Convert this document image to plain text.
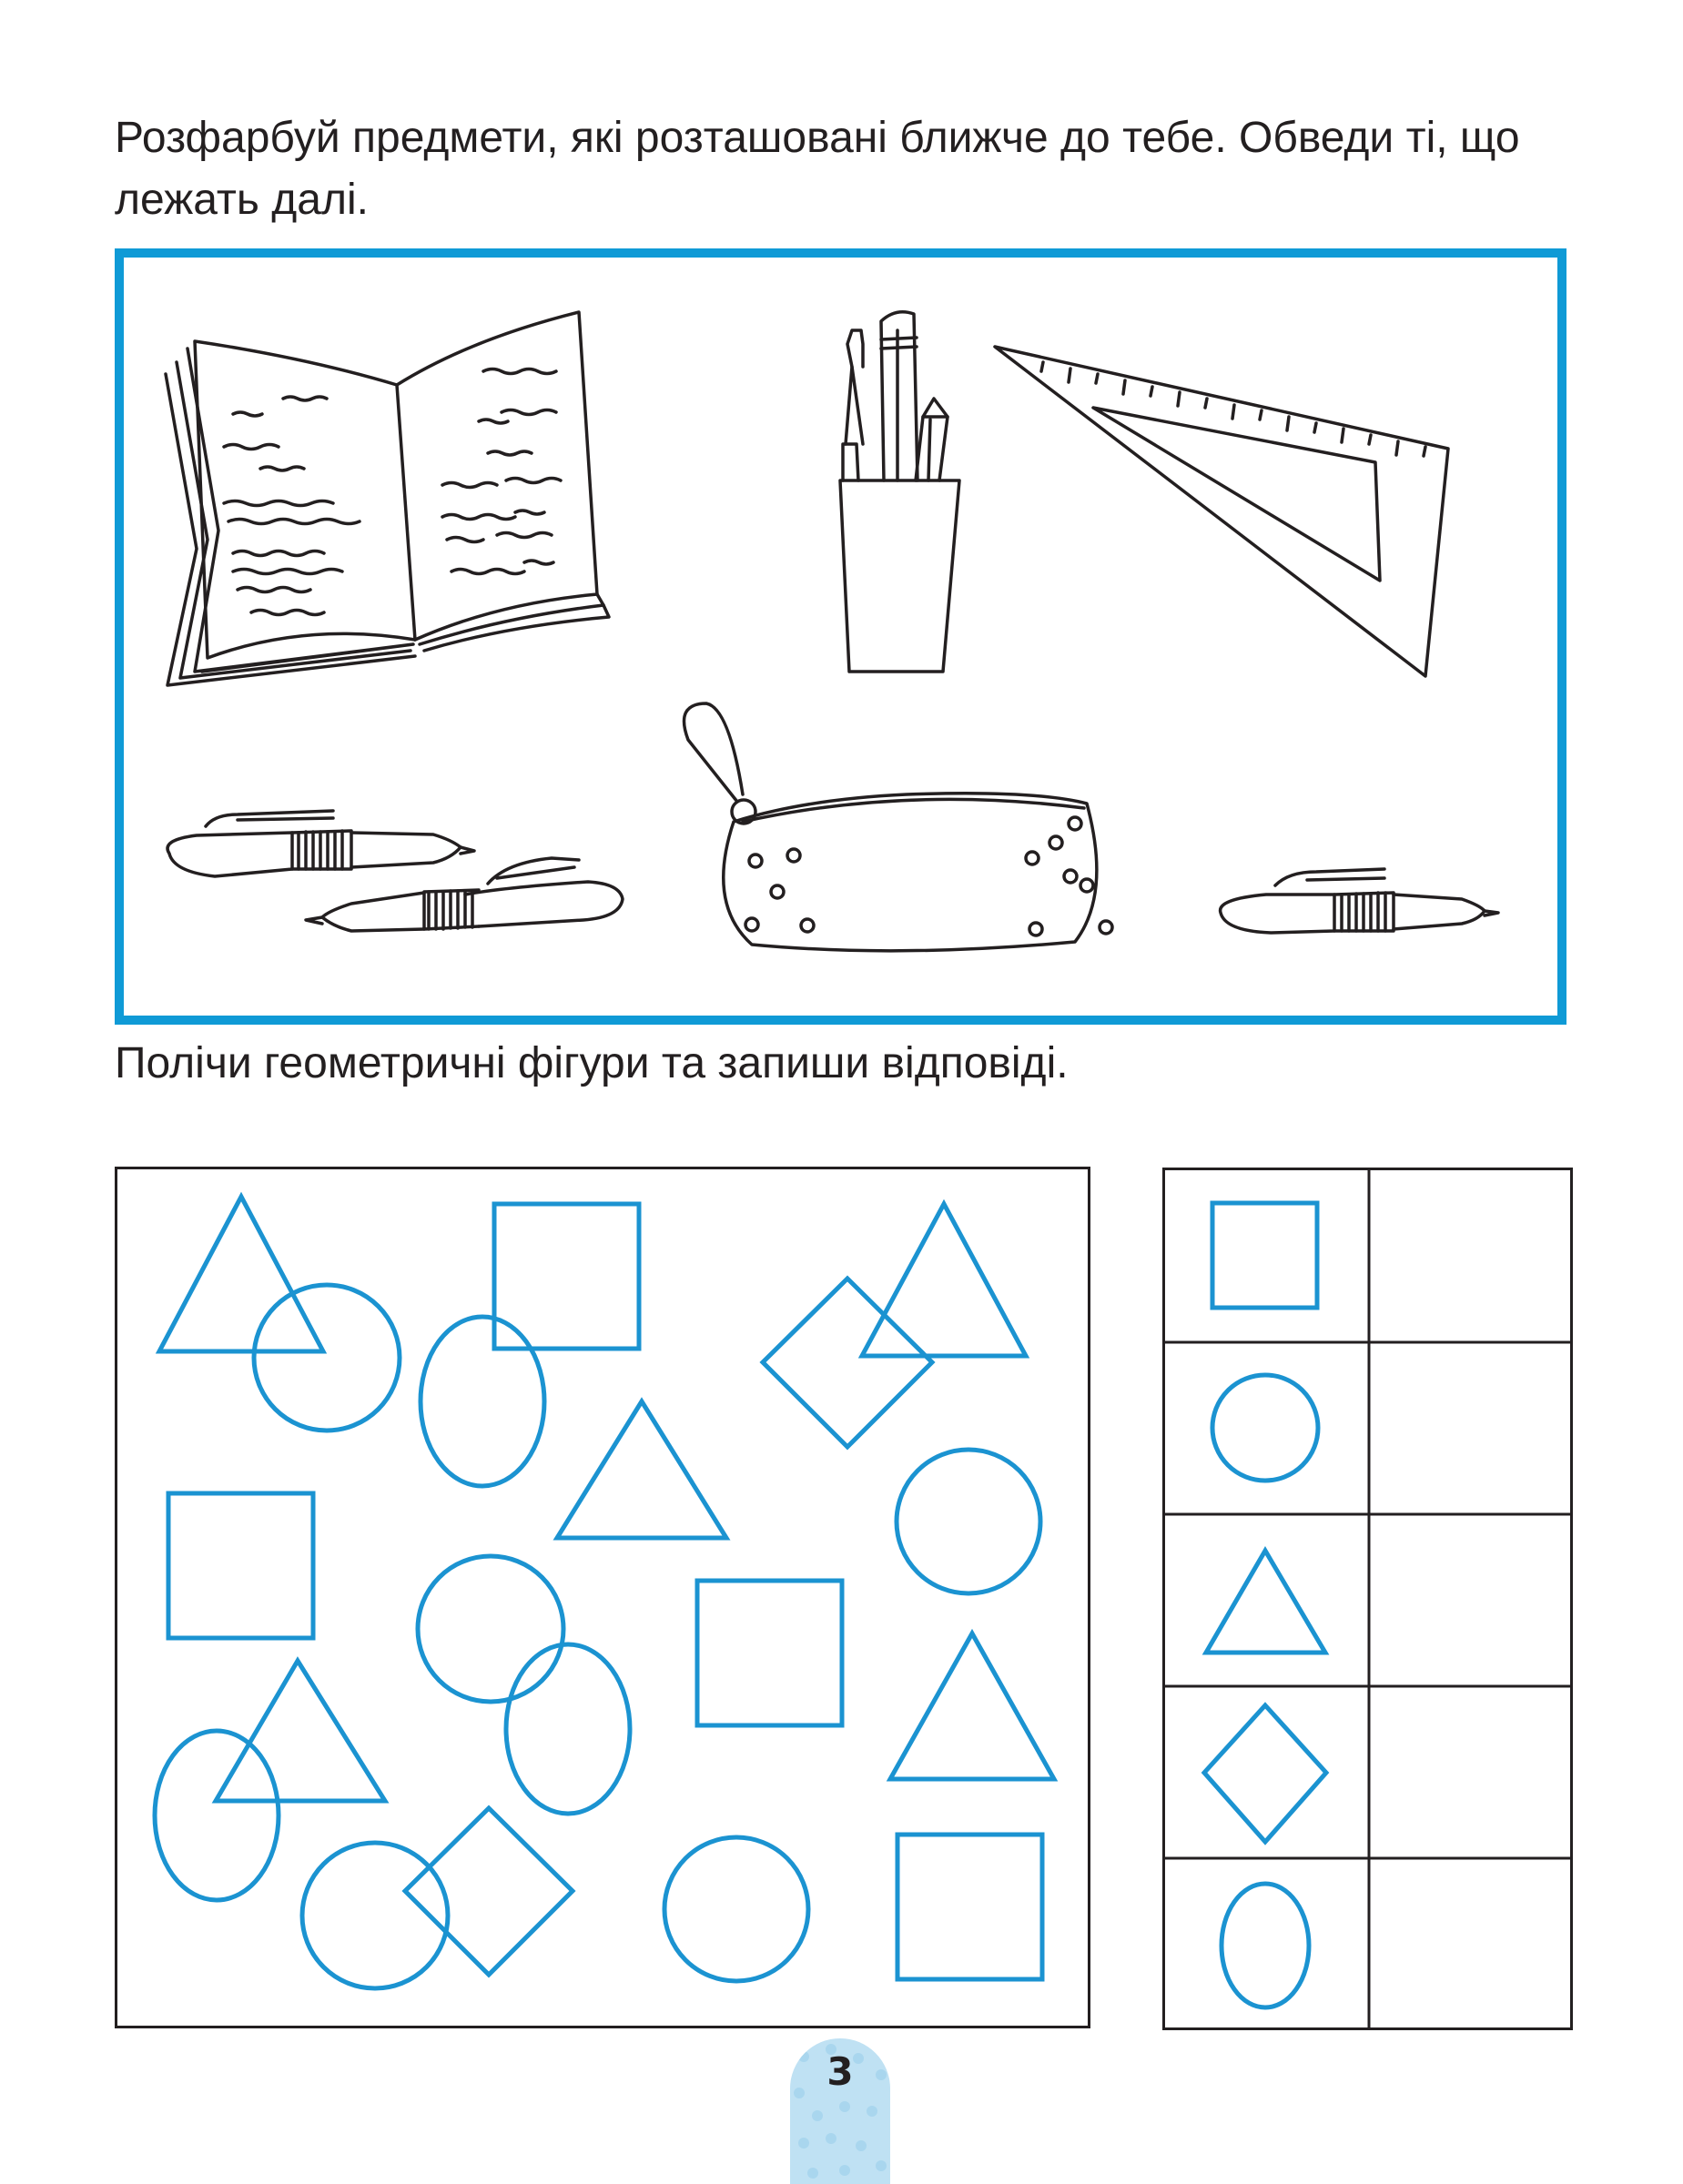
Розфарбуй предмети, які розташовані ближче до тебе. Обведи ті, що лежать далі.

Полічи геометричні фігури та запиши відповіді.

3
